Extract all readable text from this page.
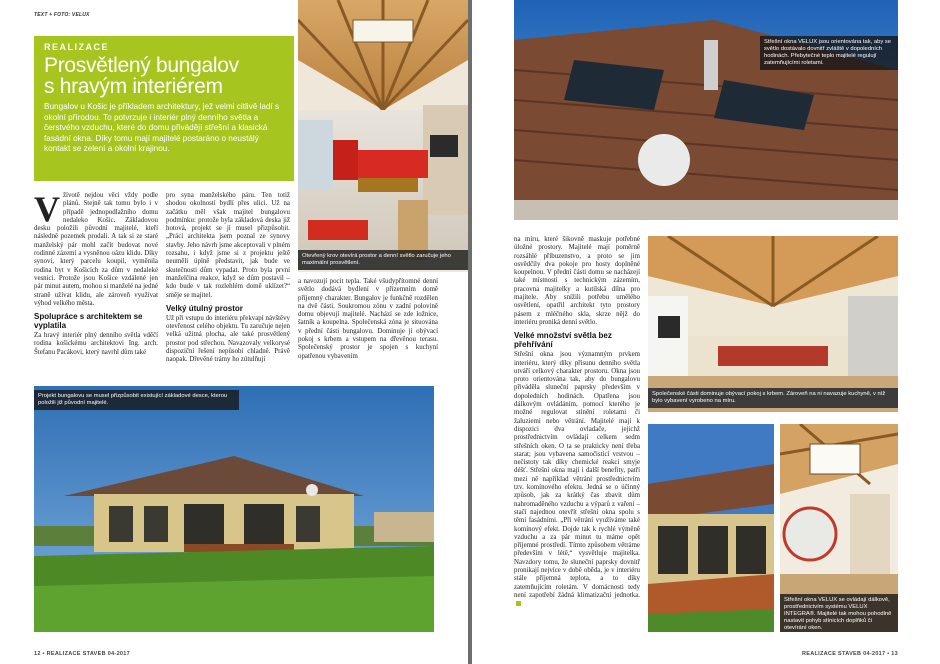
TEXT + FOTO: VELUX
REALIZACE
Prosvětlený bungalov
s hravým interiérem
Bungalov u Košic je příkladem architektury, jež velmi citlivě ladí s okolní přírodou. To potvrzuje i interiér plný denního světla a čerstvého vzduchu, které do domu přivádějí střešní a klasická fasádní okna. Díky tomu mají majitelé postaráno o neustálý kontakt se zelení a okolní krajinou.
Otevřený krov otevírá prostor a denní světlo zaručuje jeho maximální prosvětlení.
Vžívotě nejdou věci vždy podle plánů. Stejně tak tomu bylo i v případě jednopodlažního domu nedaleko Košic. Základovou desku položili původní majitelé, kteří následně pozemek prodali. A tak si ze staré manželský pár mohl začít budovat nové rodinné zázemí a vysněnou oázu klidu. Díky synovi, který parcelu koupil, vyměnila rodina byt v Košicích za dům v nedaleké vesnici. Protože jsou Košice vzdálené jen pár minut autem, mohou si manželé na jedné straně užívat klidu, ale zároveň využívat výhod velkého města.
Spolupráce s architektem se vyplatila
Za hravý interiér plný denního světla vděčí rodina košickému architektovi Ing. arch. Štefanu Pacákovi, který navrhl dům také
pro syna manželského páru. Ten totiž shodou okolností bydlí přes ulici. Už na začátku měl však majitel bungalovu podmínku: protože byla základová deska již hotová, projekt se jí musel přizpůsobit. „Práci architekta jsem poznal ze synovy stavby. Jeho návrh jsme akceptovali v plném rozsahu, i když jsme si z projektu ještě neuměli úplně představit, jak bude ve skutečnosti dům vypadat. Proto byla první manželčina reakce, když se dům postavil – kdo bude v tak rozlehlém domě uklízet?“ směje se majitel.
Velký útulný prostor
Už při vstupu do interiéru překvapí návštěvy otevřenost celého objektu. Tu zaručuje nejen velká užitná plocha, ale také prosvětlený prostor pod střechou. Navazovaly velkorysé dispoziční řešení nepůsobí chladně. Právě naopak. Dřevěné trámy ho zútulňují
a navozují pocit tepla. Také všudypřítomné denní světlo dodává bydlení v přízemním domě příjemný charakter. Bungalov je funkčně rozdělen na dvě části. Soukromou zónu v zadní polovině domu objevují majitelé. Nachází se zde ložnice, šatník a koupelna. Společenská zóna je situována v přední části bungalovu. Dominuje jí obývací pokoj s krbem a vstupem na dřevěnou terasu. Společenský prostor je spojen s kuchyní opatřenou vybavením
Projekt bungalovu se musel přizpůsobit existující základové desce, kterou položili již původní majitelé.
12 • REALIZACE STAVEB 04-2017
Střešní okna VELUX jsou orientována tak, aby se světlo dostávalo dovnitř zvláště v dopoledních hodinách. Přebytečné teplo majitelé regulují zatemňujícími roletami.
Společenské části dominuje obývací pokoj s krbem. Zároveň na ni navazuje kuchyně, v níž bylo vybavení vyrobeno na míru.
na míru, které šikovně maskuje potřebné úložné prostory. Majitelé mají poměrně rozsáhlé příbuzenstvo, a proto se jim osvědčily dva pokoje pro hosty doplněné koupelnou. V přední části domu se nacházejí také místnosti s technickým zázemím, pracovna majitelky a kutilská dílna pro majitele. Aby snížili potřebu umělého osvětlení, opatřil architekt tyto prostory pásem z mléčného skla, skrze nějž do interiéru proniká denní světlo.
Velké množství světla bez přehřívání
Střešní okna jsou významným prvkem interiéru, který díky přísunu denního světla utváří celkový charakter prostoru. Okna jsou proto orientována tak, aby do bungalovu přiváděla sluneční paprsky především v dopoledních hodinách. Opatřena jsou dálkovým ovládáním, pomocí kterého je možné regulovat stínění roletami či žaluziemi nebo větrání. Majitelé mají k dispozici dva ovladače, jejichž prostřednictvím ovládají celkem sedm střešních oken. O ta se prakticky není třeba starat; jsou vybavena samočisticí vrstvou – nečistoty tak díky chemické reakci smyje déšť. Střešní okna mají i další benefity, patří mezi ně například větrání prostřednictvím tzv. komínového efektu. Jedná se o účinný způsob, jak za krátký čas zbavit dům nahromaděného vzduchu a výparů z vaření – stačí najednou otevřít střešní okna spolu s těmi fasádními. „Při větrání využíváme také komínový efekt. Dojde tak k rychlé výměně vzduchu a za pár minut tu máme opět příjemné prostředí. Tímto způsobem větráme především v létě,“ vysvětluje majitelka. Navzdory tomu, že sluneční paprsky dovnitř pronikají nejvíce v době oběda, je v interiéru stále příjemná teplota, a to díky zatemňujícím roletám. V domácnosti tedy není zapotřebí žádná klimatizační jednotka.
Střešní okna VELUX se ovládají dálkově, prostřednictvím systému VELUX INTEGRA®. Majitelé tak mohou pohodlně nastavit pohyb stínicích doplňků či otevírání oken.
REALIZACE STAVEB 04-2017 • 13
